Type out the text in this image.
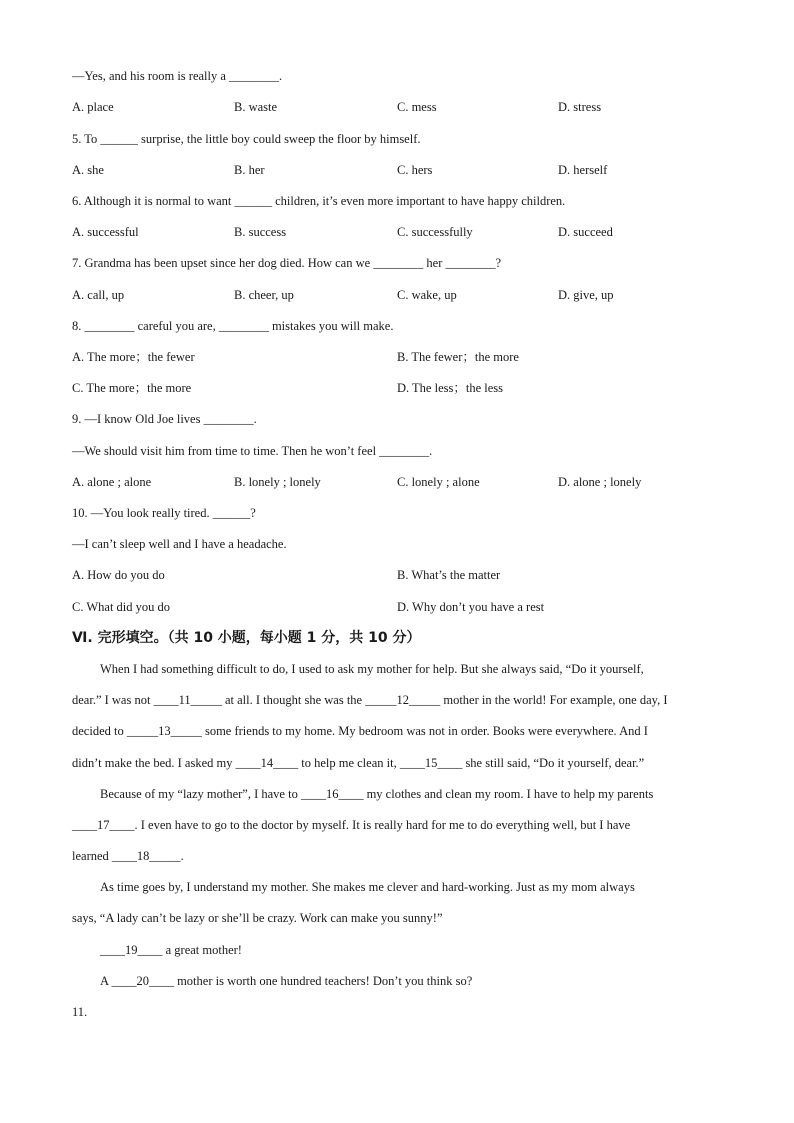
—Yes, and his room is really a ________.
A. place	B. waste	C. mess	D. stress
5. To ______ surprise, the little boy could sweep the floor by himself.
A. she	B. her	C. hers	D. herself
6. Although it is normal to want ______ children, it’s even more important to have happy children.
A. successful	B. success	C. successfully	D. succeed
7. Grandma has been upset since her dog died. How can we ________ her ________?
A. call, up	B. cheer, up	C. wake, up	D. give, up
8. ________ careful you are, ________ mistakes you will make.
A. The more；the fewer	B. The fewer；the more
C. The more；the more	D. The less；the less
9. —I know Old Joe lives ________.
—We should visit him from time to time. Then he won’t feel ________.
A. alone ; alone	B. lonely ; lonely	C. lonely ; alone	D. alone ; lonely
10. —You look really tired. ______?
—I can’t sleep well and I have a headache.
A. How do you do	B. What’s the matter
C. What did you do	D. Why don’t you have a rest
Ⅵ. 完形填空。（共 10 小题，每小题 1 分，共 10 分）
When I had something difficult to do, I used to ask my mother for help. But she always said, “Do it yourself,
dear.” I was not ____11_____ at all. I thought she was the _____12_____ mother in the world! For example, one day, I
decided to _____13_____ some friends to my home. My bedroom was not in order. Books were everywhere. And I
didn’t make the bed. I asked my ____14____ to help me clean it, ____15____ she still said, “Do it yourself, dear.”
Because of my “lazy mother”, I have to ____16____ my clothes and clean my room. I have to help my parents
____17____. I even have to go to the doctor by myself. It is really hard for me to do everything well, but I have
learned ____18_____.
As time goes by, I understand my mother. She makes me clever and hard-working. Just as my mom always
says, “A lady can’t be lazy or she’ll be crazy. Work can make you sunny!”
____19____ a great mother!
A ____20____ mother is worth one hundred teachers! Don’t you think so?
11.
